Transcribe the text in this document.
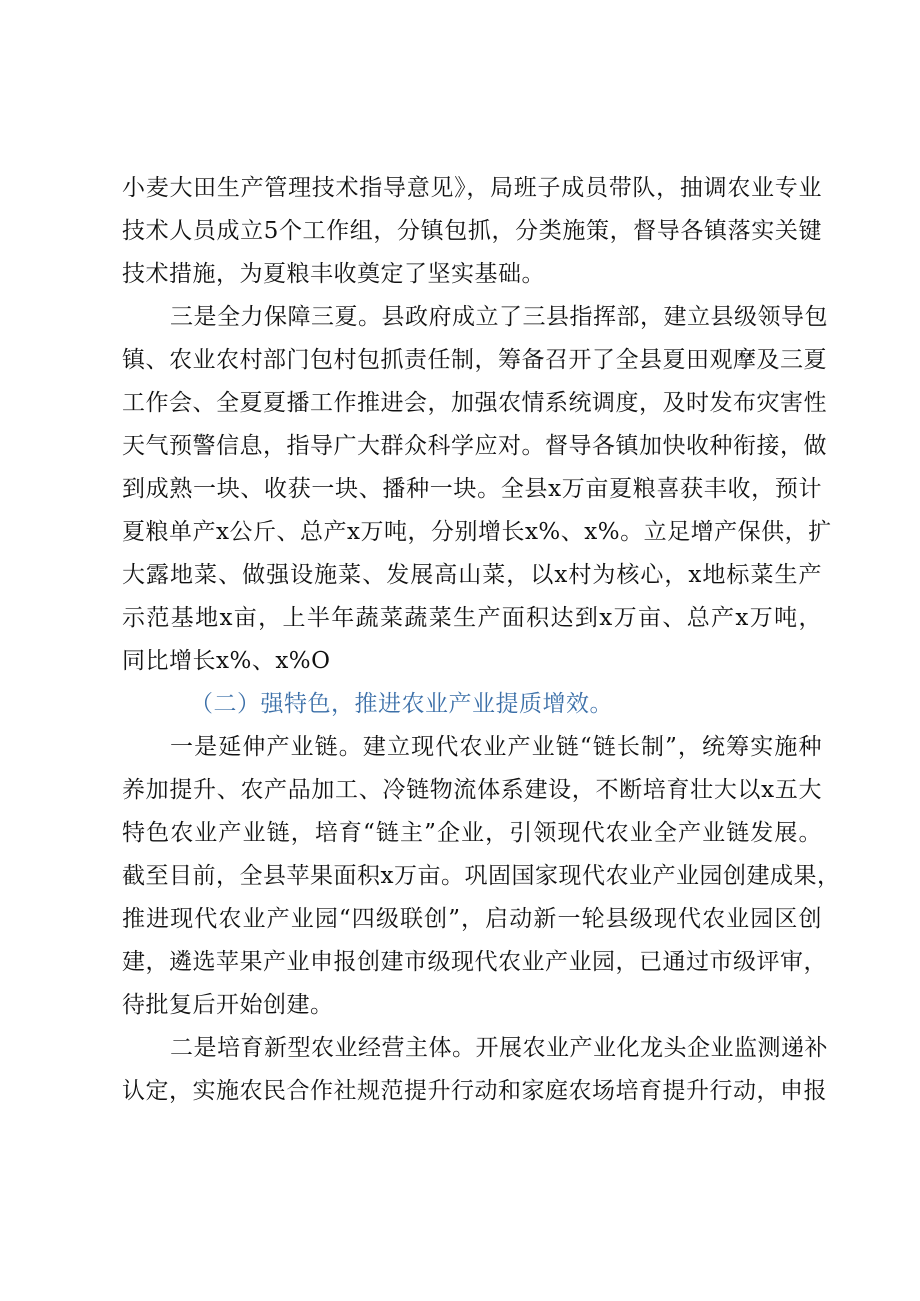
小麦大田生产管理技术指导意见》，局班子成员带队，抽调农业专业
技术人员成立5个工作组，分镇包抓，分类施策，督导各镇落实关键
技术措施，为夏粮丰收奠定了坚实基础。
三是全力保障三夏。县政府成立了三县指挥部，建立县级领导包
镇、农业农村部门包村包抓责任制，筹备召开了全县夏田观摩及三夏
工作会、全夏夏播工作推进会，加强农情系统调度，及时发布灾害性
天气预警信息，指导广大群众科学应对。督导各镇加快收种衔接，做
到成熟一块、收获一块、播种一块。全县x万亩夏粮喜获丰收，预计
夏粮单产x公斤、总产x万吨，分别增长x%、x%。立足增产保供，扩
大露地菜、做强设施菜、发展高山菜，以x村为核心，x地标菜生产
示范基地x亩，上半年蔬菜蔬菜生产面积达到x万亩、总产x万吨，
同比增长x%、x%O
（二）强特色，推进农业产业提质增效。
一是延伸产业链。建立现代农业产业链“链长制”，统筹实施种
养加提升、农产品加工、冷链物流体系建设，不断培育壮大以x五大
特色农业产业链，培育“链主”企业，引领现代农业全产业链发展。
截至目前，全县苹果面积x万亩。巩固国家现代农业产业园创建成果，
推进现代农业产业园“四级联创”，启动新一轮县级现代农业园区创
建，遴选苹果产业申报创建市级现代农业产业园，已通过市级评审，
待批复后开始创建。
二是培育新型农业经营主体。开展农业产业化龙头企业监测递补
认定，实施农民合作社规范提升行动和家庭农场培育提升行动，申报
